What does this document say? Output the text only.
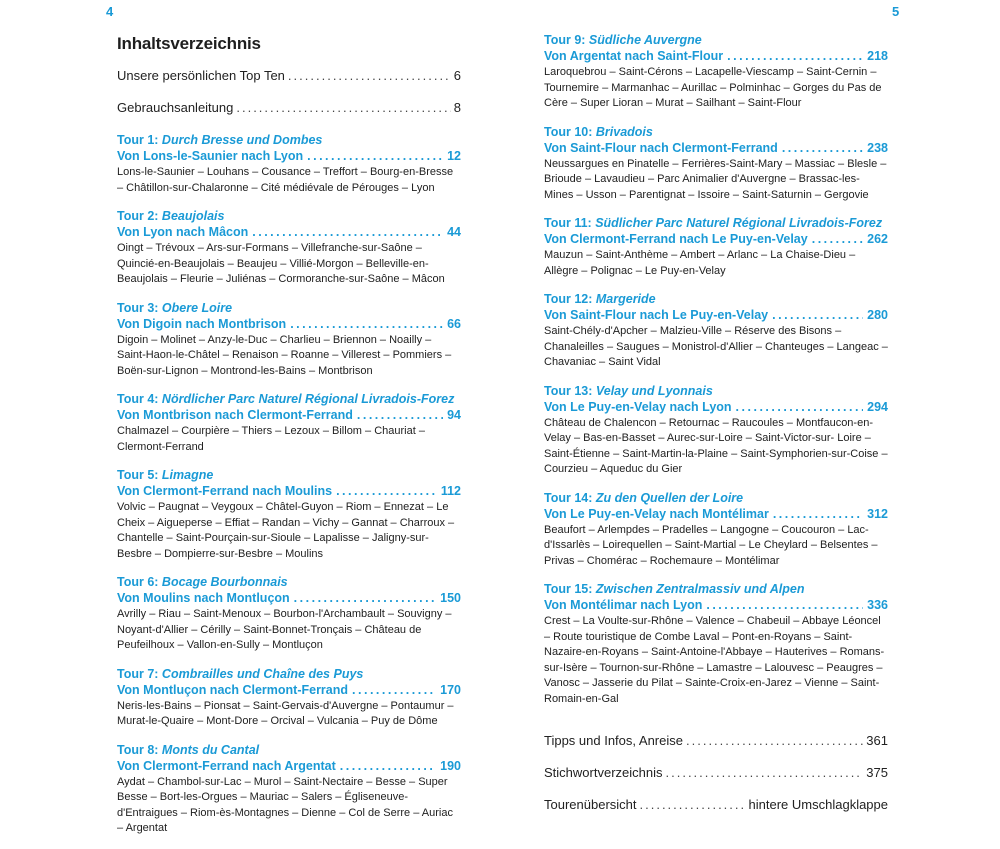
4	5
Inhaltsverzeichnis
Unsere persönlichen Top Ten .....	6
Gebrauchsanleitung .....	8
Tour 1: Durch Bresse und Dombes
Von Lons-le-Saunier nach Lyon .....	12
Lons-le-Saunier – Louhans – Cousance – Treffort – Bourg-en-Bresse – Châtillon-sur-Chalaronne – Cité médiévale de Pérouges – Lyon
Tour 2: Beaujolais
Von Lyon nach Mâcon .....	44
Oingt – Trévoux – Ars-sur-Formans – Villefranche-sur-Saône – Quincié-en-Beaujolais – Beaujeu – Villié-Morgon – Belleville-en-Beaujolais – Fleurie – Juliénas – Cormoranche-sur-Saône – Mâcon
Tour 3: Obere Loire
Von Digoin nach Montbrison .....	66
Digoin – Molinet – Anzy-le-Duc – Charlieu – Briennon – Noailly – Saint-Haon-le-Châtel – Renaison – Roanne – Villerest – Pommiers – Boën-sur-Lignon – Montrond-les-Bains – Montbrison
Tour 4: Nördlicher Parc Naturel Régional Livradois-Forez
Von Montbrison nach Clermont-Ferrand .....	94
Chalmazel – Courpière – Thiers – Lezoux – Billom – Chauriat – Clermont-Ferrand
Tour 5: Limagne
Von Clermont-Ferrand nach Moulins .....	112
Volvic – Paugnat – Veygoux – Châtel-Guyon – Riom – Ennezat – Le Cheix – Aigueperse – Effiat – Randan – Vichy – Gannat – Charroux – Chantelle – Saint-Pourçain-sur-Sioule – Lapalisse – Jaligny-sur-Besbre – Dompierre-sur-Besbre – Moulins
Tour 6: Bocage Bourbonnais
Von Moulins nach Montluçon .....	150
Avrilly – Riau – Saint-Menoux – Bourbon-l'Archambault – Souvigny – Noyant-d'Allier – Cérilly – Saint-Bonnet-Tronçais – Château de Peufeilhoux – Vallon-en-Sully – Montluçon
Tour 7: Combrailles und Chaîne des Puys
Von Montluçon nach Clermont-Ferrand .....	170
Neris-les-Bains – Pionsat – Saint-Gervais-d'Auvergne – Pontaumur – Murat-le-Quaire – Mont-Dore – Orcival – Vulcania – Puy de Dôme
Tour 8: Monts du Cantal
Von Clermont-Ferrand nach Argentat .....	190
Aydat – Chambol-sur-Lac – Murol – Saint-Nectaire – Besse – Super Besse – Bort-les-Orgues – Mauriac – Salers – Égliseneuve-d'Entraigues – Riom-ès-Montagnes – Dienne – Col de Serre – Auriac – Argentat
Tour 9: Südliche Auvergne
Von Argentat nach Saint-Flour .....	218
Laroquebrou – Saint-Cérons – Lacapelle-Viescamp – Saint-Cernin – Tournemire – Marmanhac – Aurillac – Polminhac – Gorges du Pas de Cère – Super Lioran – Murat – Sailhant – Saint-Flour
Tour 10: Brivadois
Von Saint-Flour nach Clermont-Ferrand .....	238
Neussargues en Pinatelle – Ferrières-Saint-Mary – Massiac – Blesle – Brioude – Lavaudieu – Parc Animalier d'Auvergne – Brassac-les-Mines – Usson – Parentignat – Issoire – Saint-Saturnin – Gergovie
Tour 11: Südlicher Parc Naturel Régional Livradois-Forez
Von Clermont-Ferrand nach Le Puy-en-Velay .....	262
Mauzun – Saint-Anthème – Ambert – Arlanc – La Chaise-Dieu – Allègre – Polignac – Le Puy-en-Velay
Tour 12: Margeride
Von Saint-Flour nach Le Puy-en-Velay .....	280
Saint-Chély-d'Apcher – Malzieu-Ville – Réserve des Bisons – Chanaleilles – Saugues – Monistrol-d'Allier – Chanteuges – Langeac – Chavaniac – Saint Vidal
Tour 13: Velay und Lyonnais
Von Le Puy-en-Velay nach Lyon .....	294
Château de Chalencon – Retournac – Raucoules – Montfaucon-en-Velay – Bas-en-Basset – Aurec-sur-Loire – Saint-Victor-sur- Loire – Saint-Étienne – Saint-Martin-la-Plaine – Saint-Symphorien-sur-Coise – Courzieu – Aqueduc du Gier
Tour 14: Zu den Quellen der Loire
Von Le Puy-en-Velay nach Montélimar .....	312
Beaufort – Arlempdes – Pradelles – Langogne – Coucouron – Lac-d'Issarlès – Loirequellen – Saint-Martial – Le Cheylard – Belsentes – Privas – Chomérac – Rochemaure – Montélimar
Tour 15: Zwischen Zentralmassiv und Alpen
Von Montélimar nach Lyon .....	336
Crest – La Voulte-sur-Rhône – Valence – Chabeuil – Abbaye Léoncel – Route touristique de Combe Laval – Pont-en-Royans – Saint-Nazaire-en-Royans – Saint-Antoine-l'Abbaye – Hauterives – Romans-sur-Isère – Tournon-sur-Rhône – Lamastre – Lalouvesc – Peaugres – Vanosc – Jasserie du Pilat – Sainte-Croix-en-Jarez – Vienne – Saint-Romain-en-Gal
Tipps und Infos, Anreise .....	361
Stichwortverzeichnis .....	375
Tourenübersicht .....	hintere Umschlagklappe
